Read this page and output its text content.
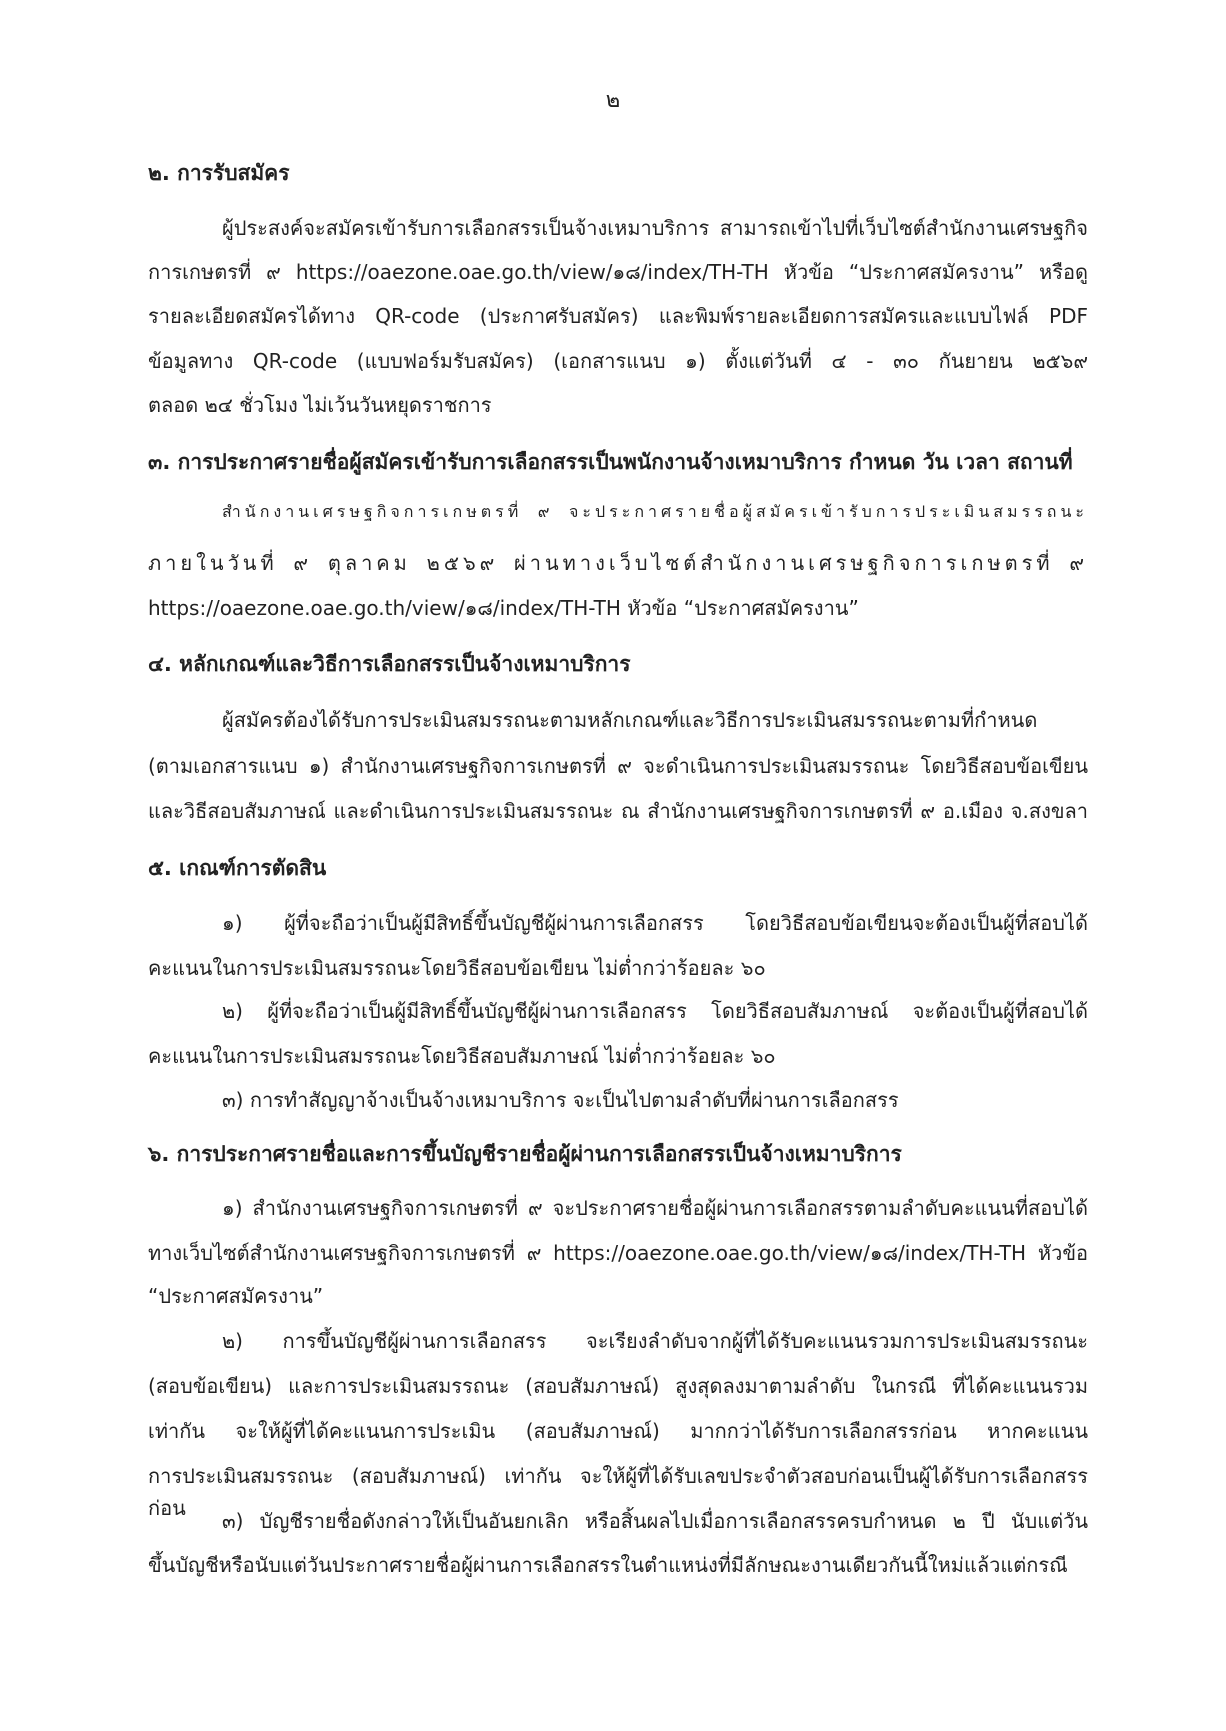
๒
๒. การรับสมัคร
ผู้ประสงค์จะสมัครเข้ารับการเลือกสรรเป็นจ้างเหมาบริการ สามารถเข้าไปที่เว็บไซต์สำนักงานเศรษฐกิจ
การเกษตรที่ ๙ https://oaezone.oae.go.th/view/๑๘/index/TH-TH หัวข้อ “ประกาศสมัครงาน” หรือดู
รายละเอียดสมัครได้ทาง QR-code (ประกาศรับสมัคร) และพิมพ์รายละเอียดการสมัครและแบบไฟล์ PDF
ข้อมูลทาง QR-code (แบบฟอร์มรับสมัคร) (เอกสารแนบ ๑) ตั้งแต่วันที่ ๔ - ๓๐ กันยายน ๒๕๖๙
ตลอด ๒๔ ชั่วโมง ไม่เว้นวันหยุดราชการ
๓. การประกาศรายชื่อผู้สมัครเข้ารับการเลือกสรรเป็นพนักงานจ้างเหมาบริการ กำหนด วัน เวลา สถานที่
สำนักงานเศรษฐกิจการเกษตรที่ ๙ จะประกาศรายชื่อผู้สมัครเข้ารับการประเมินสมรรถนะ
ภายในวันที่ ๙ ตุลาคม ๒๕๖๙ ผ่านทางเว็บไซต์สำนักงานเศรษฐกิจการเกษตรที่ ๙
https://oaezone.oae.go.th/view/๑๘/index/TH-TH หัวข้อ “ประกาศสมัครงาน”
๔. หลักเกณฑ์และวิธีการเลือกสรรเป็นจ้างเหมาบริการ
ผู้สมัครต้องได้รับการประเมินสมรรถนะตามหลักเกณฑ์และวิธีการประเมินสมรรถนะตามที่กำหนด
(ตามเอกสารแนบ ๑) สำนักงานเศรษฐกิจการเกษตรที่ ๙ จะดำเนินการประเมินสมรรถนะ โดยวิธีสอบข้อเขียน
และวิธีสอบสัมภาษณ์ และดำเนินการประเมินสมรรถนะ ณ สำนักงานเศรษฐกิจการเกษตรที่ ๙ อ.เมือง จ.สงขลา
๕. เกณฑ์การตัดสิน
๑) ผู้ที่จะถือว่าเป็นผู้มีสิทธิ์ขึ้นบัญชีผู้ผ่านการเลือกสรร โดยวิธีสอบข้อเขียนจะต้องเป็นผู้ที่สอบได้
คะแนนในการประเมินสมรรถนะโดยวิธีสอบข้อเขียน ไม่ต่ำกว่าร้อยละ ๖๐
๒) ผู้ที่จะถือว่าเป็นผู้มีสิทธิ์ขึ้นบัญชีผู้ผ่านการเลือกสรร โดยวิธีสอบสัมภาษณ์ จะต้องเป็นผู้ที่สอบได้
คะแนนในการประเมินสมรรถนะโดยวิธีสอบสัมภาษณ์ ไม่ต่ำกว่าร้อยละ ๖๐
๓) การทำสัญญาจ้างเป็นจ้างเหมาบริการ จะเป็นไปตามลำดับที่ผ่านการเลือกสรร
๖. การประกาศรายชื่อและการขึ้นบัญชีรายชื่อผู้ผ่านการเลือกสรรเป็นจ้างเหมาบริการ
๑) สำนักงานเศรษฐกิจการเกษตรที่ ๙ จะประกาศรายชื่อผู้ผ่านการเลือกสรรตามลำดับคะแนนที่สอบได้
ทางเว็บไซต์สำนักงานเศรษฐกิจการเกษตรที่ ๙ https://oaezone.oae.go.th/view/๑๘/index/TH-TH หัวข้อ
“ประกาศสมัครงาน”
๒) การขึ้นบัญชีผู้ผ่านการเลือกสรร จะเรียงลำดับจากผู้ที่ได้รับคะแนนรวมการประเมินสมรรถนะ
(สอบข้อเขียน) และการประเมินสมรรถนะ (สอบสัมภาษณ์) สูงสุดลงมาตามลำดับ ในกรณี ที่ได้คะแนนรวม
เท่ากัน จะให้ผู้ที่ได้คะแนนการประเมิน (สอบสัมภาษณ์) มากกว่าได้รับการเลือกสรรก่อน หากคะแนน
การประเมินสมรรถนะ (สอบสัมภาษณ์) เท่ากัน จะให้ผู้ที่ได้รับเลขประจำตัวสอบก่อนเป็นผู้ได้รับการเลือกสรรก่อน
๓) บัญชีรายชื่อดังกล่าวให้เป็นอันยกเลิก หรือสิ้นผลไปเมื่อการเลือกสรรครบกำหนด ๒ ปี นับแต่วัน
ขึ้นบัญชีหรือนับแต่วันประกาศรายชื่อผู้ผ่านการเลือกสรรในตำแหน่งที่มีลักษณะงานเดียวกันนี้ใหม่แล้วแต่กรณี
